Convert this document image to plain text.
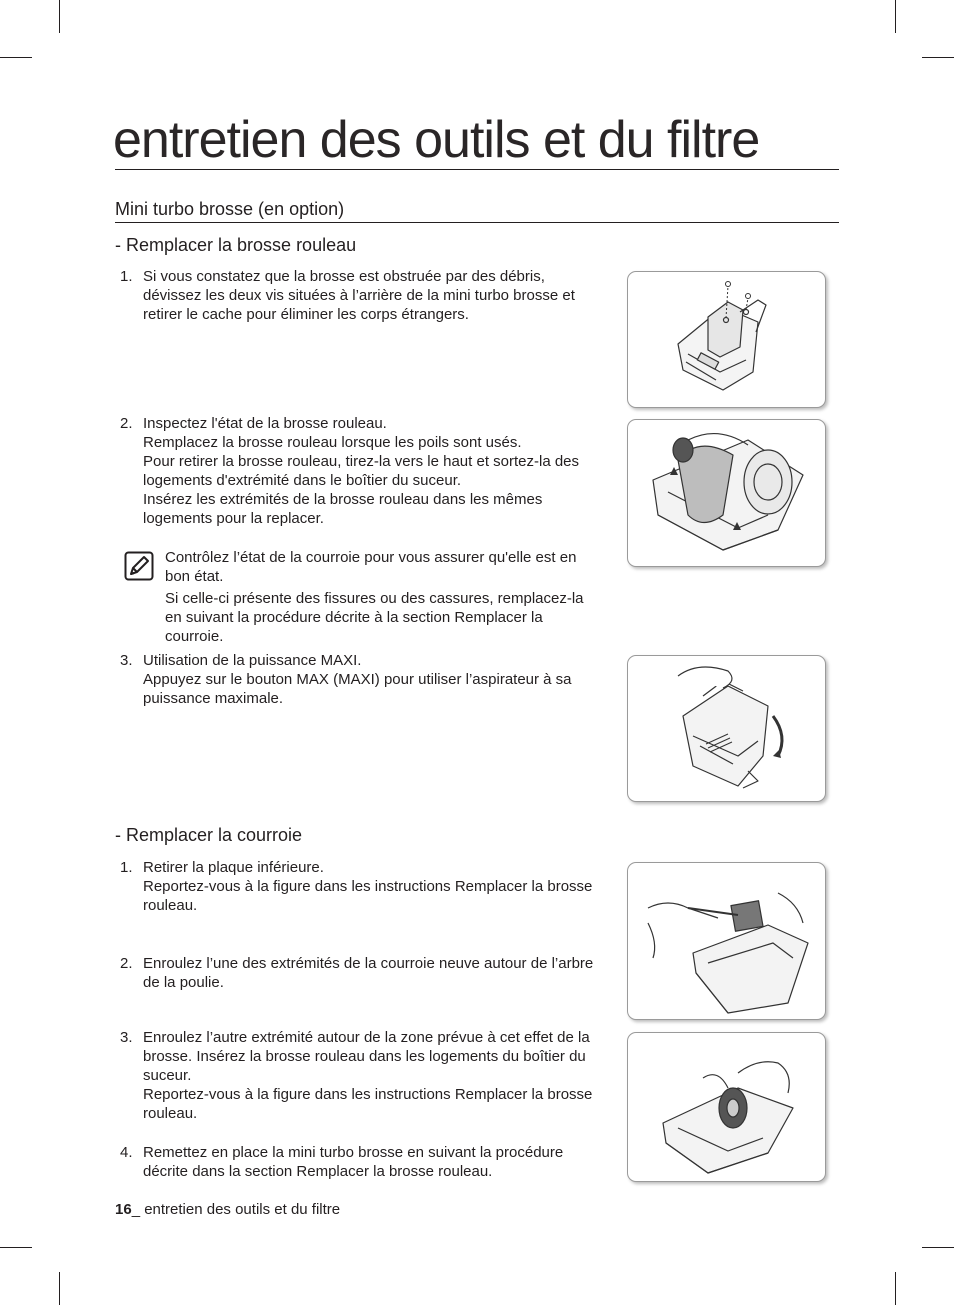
entretien des outils et du filtre
Mini turbo brosse (en option)
- Remplacer la brosse rouleau
1. Si vous constatez que la brosse est obstruée par des débris, dévissez les deux vis situées à l’arrière de la mini turbo brosse et retirer le cache pour éliminer les corps étrangers.

2. Inspectez l'état de la brosse rouleau.

Remplacez la brosse rouleau lorsque les poils sont usés.

Pour retirer la brosse rouleau, tirez-la vers le haut et sortez-la des logements d'extrémité dans le boîtier du suceur.

Insérez les extrémités de la brosse rouleau dans les mêmes logements pour la replacer.

Contrôlez l’état de la courroie pour vous assurer qu'elle est en bon état.

Si celle-ci présente des fissures ou des cassures, remplacez-la en suivant la procédure décrite à la section Remplacer la courroie.

3. Utilisation de la puissance MAXI.

Appuyez sur le bouton MAX (MAXI) pour utiliser l’aspirateur à sa puissance maximale.

- Remplacer la courroie
1. Retirer la plaque inférieure.

Reportez-vous à la figure dans les instructions Remplacer la brosse rouleau.

2. Enroulez l’une des extrémités de la courroie neuve autour de l’arbre de la poulie.

3. Enroulez l’autre extrémité autour de la zone prévue à cet effet de la brosse. Insérez la brosse rouleau dans les logements du boîtier du suceur.

Reportez-vous à la figure dans les instructions Remplacer la brosse rouleau.

4. Remettez en place la mini turbo brosse en suivant la procédure décrite dans la section Remplacer la brosse rouleau.

16_ entretien des outils et du filtre
